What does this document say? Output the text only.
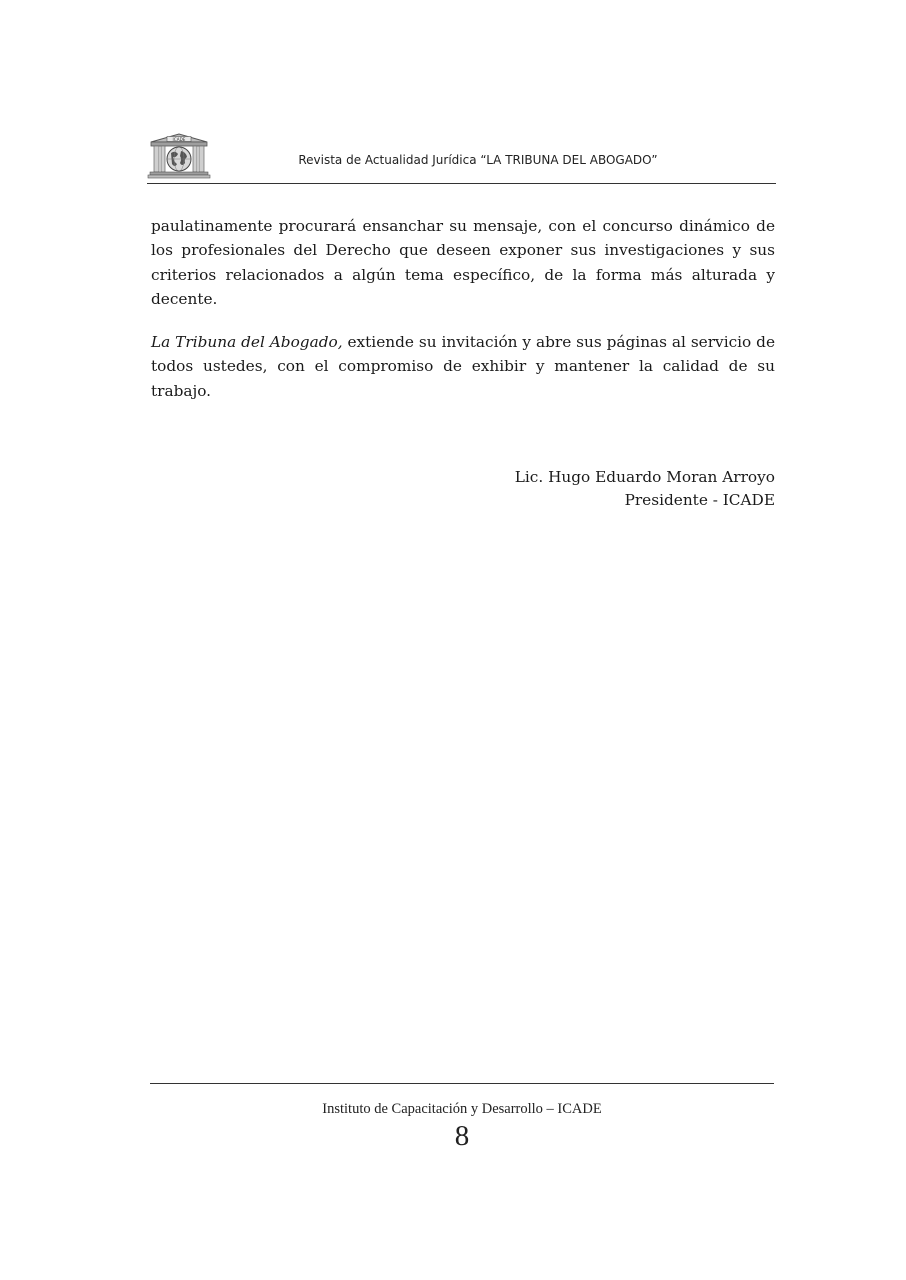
ICADE
Revista de Actualidad Jurídica “LA TRIBUNA DEL ABOGADO”

paulatinamente procurará ensanchar su mensaje, con el concurso dinámico de los profesionales del Derecho que deseen exponer sus investigaciones y sus criterios relacionados a algún tema específico, de la forma más alturada y decente.

La Tribuna del Abogado, extiende su invitación y abre sus páginas al servicio de todos ustedes, con el compromiso de exhibir y mantener la calidad de su trabajo.

Lic. Hugo Eduardo Moran Arroyo
Presidente - ICADE
Instituto de Capacitación y Desarrollo – ICADE
8
